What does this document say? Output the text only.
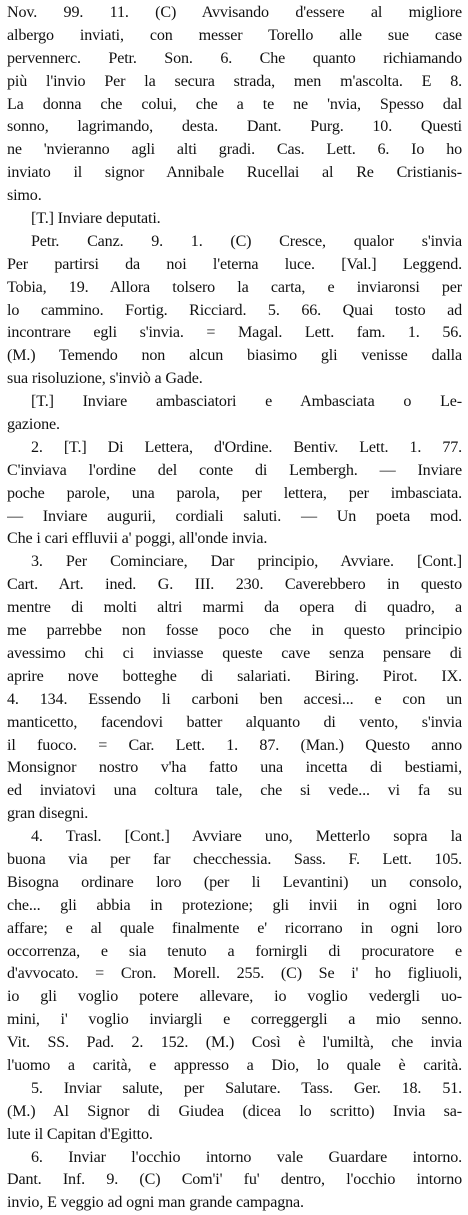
Nov. 99. 11. (C) Avvisando d'essere al migliore
albergo inviati, con messer Torello alle sue case
pervennerc. Petr. Son. 6. Che quanto richiamando
più l'invio Per la secura strada, men m'ascolta. E 8.
La donna che colui, che a te ne 'nvia, Spesso dal
sonno, lagrimando, desta. Dant. Purg. 10. Questi
ne 'nvieranno agli alti gradi. Cas. Lett. 6. Io ho
inviato il signor Annibale Rucellai al Re Cristianis-
simo.
[T.] Inviare deputati.
Petr. Canz. 9. 1. (C) Cresce, qualor s'invia
Per partirsi da noi l'eterna luce. [Val.] Leggend.
Tobia, 19. Allora tolsero la carta, e inviaronsi per
lo cammino. Fortig. Ricciard. 5. 66. Quai tosto ad
incontrare egli s'invia. = Magal. Lett. fam. 1. 56.
(M.) Temendo non alcun biasimo gli venisse dalla
sua risoluzione, s'inviò a Gade.
[T.] Inviare ambasciatori e Ambasciata o Le-
gazione.
2. [T.] Di Lettera, d'Ordine. Bentiv. Lett. 1. 77.
C'inviava l'ordine del conte di Lembergh. — Inviare
poche parole, una parola, per lettera, per imbasciata.
— Inviare augurii, cordiali saluti. — Un poeta mod.
Che i cari effluvii a' poggi, all'onde invia.
3. Per Cominciare, Dar principio, Avviare. [Cont.]
Cart. Art. ined. G. III. 230. Caverebbero in questo
mentre di molti altri marmi da opera di quadro, a
me parrebbe non fosse poco che in questo principio
avessimo chi ci inviasse queste cave senza pensare di
aprire nove botteghe di salariati. Biring. Pirot. IX.
4. 134. Essendo li carboni ben accesi... e con un
manticetto, facendovi batter alquanto di vento, s'invia
il fuoco. = Car. Lett. 1. 87. (Man.) Questo anno
Monsignor nostro v'ha fatto una incetta di bestiami,
ed inviatovi una coltura tale, che si vede... vi fa su
gran disegni.
4. Trasl. [Cont.] Avviare uno, Metterlo sopra la
buona via per far checchessia. Sass. F. Lett. 105.
Bisogna ordinare loro (per li Levantini) un consolo,
che... gli abbia in protezione; gli invii in ogni loro
affare; e al quale finalmente e' ricorrano in ogni loro
occorrenza, e sia tenuto a fornirgli di procuratore e
d'avvocato. = Cron. Morell. 255. (C) Se i' ho figliuoli,
io gli voglio potere allevare, io voglio vedergli uo-
mini, i' voglio inviargli e correggergli a mio senno.
Vit. SS. Pad. 2. 152. (M.) Così è l'umiltà, che invia
l'uomo a carità, e appresso a Dio, lo quale è carità.
5. Inviar salute, per Salutare. Tass. Ger. 18. 51.
(M.) Al Signor di Giudea (dicea lo scritto) Invia sa-
lute il Capitan d'Egitto.
6. Inviar l'occhio intorno vale Guardare intorno.
Dant. Inf. 9. (C) Com'i' fu' dentro, l'occhio intorno
invio, E veggio ad ogni man grande campagna.
